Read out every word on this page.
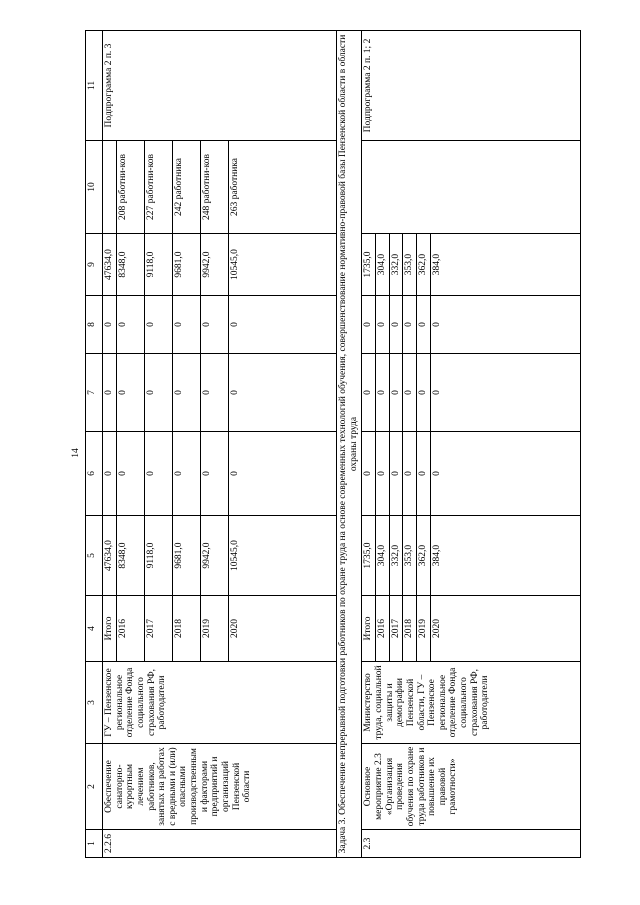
14
1	2	3	4	5	6	7	8	9	10	11
2.2.6	Обеспечение санаторно-курортным лечением работников, занятых на работах с вредными и (или) опасными производственными факторами предприятий и организаций Пензенской области	ГУ – Пензенское региональное отделение Фонда социального страхования РФ, работодатели	Итого	47634,0	0	0	0	47634,0		Подпрограмма 2 п. 3
			2016	8348,0	0	0	0	8348,0	208 работни-ков	
			2017	9118,0	0	0	0	9118,0	227 работни-ков	
			2018	9681,0	0	0	0	9681,0	242 работника	
			2019	9942,0	0	0	0	9942,0	248 работни-ков	
			2020	10545,0	0	0	0	10545,0	263 работника	
Задача 3. Обеспечение непрерывной подготовки работников по охране труда на основе современных технологий обучения, совершенствование нормативно-правовой базы Пензенской области в области охраны труда										
2.3	Основное мероприятие 2.3 «Организация проведения обучения по охране труда работников и повышение их правовой грамотности»	Министерство труда, социальной защиты и демографии Пензенской области, ГУ – Пензенское региональное отделение Фонда социального страхования РФ, работодатели	Итого	1735,0	0	0	0	1735,0		Подпрограмма 2 п. 1; 2
			2016	304,0	0	0	0	304,0		
			2017	332,0	0	0	0	332,0		
			2018	353,0	0	0	0	353,0		
			2019	362,0	0	0	0	362,0		
			2020	384,0	0	0	0	384,0		
